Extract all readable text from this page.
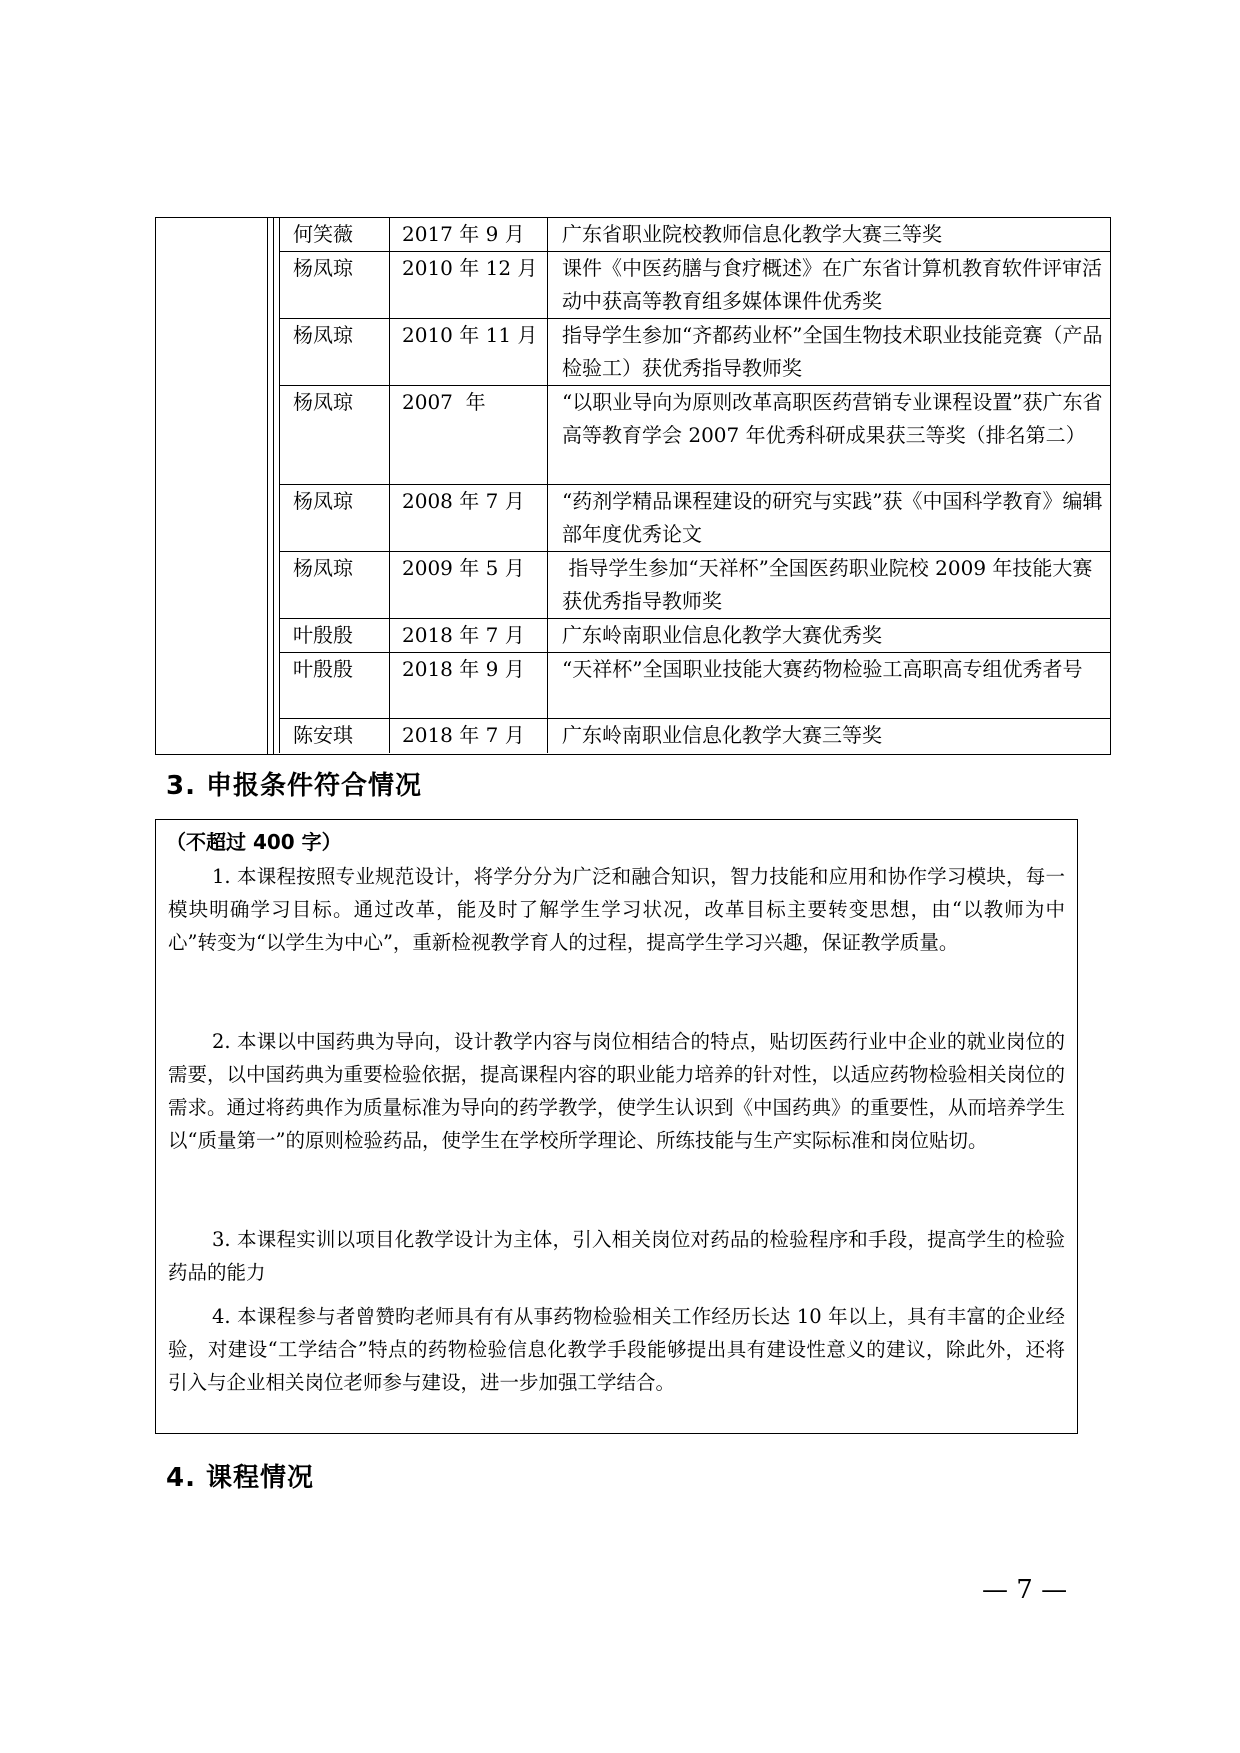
何笑薇	2017 年 9 月	广东省职业院校教师信息化教学大赛三等奖
杨凤琼	2010 年 12 月	课件《中医药膳与食疗概述》在广东省计算机教育软件评审活动中获高等教育组多媒体课件优秀奖
杨凤琼	2010 年 11 月	指导学生参加“齐都药业杯”全国生物技术职业技能竞赛（产品检验工）获优秀指导教师奖
杨凤琼	2007  年	“以职业导向为原则改革高职医药营销专业课程设置”获广东省高等教育学会 2007 年优秀科研成果获三等奖（排名第二）
杨凤琼	2008 年 7 月	“药剂学精品课程建设的研究与实践”获《中国科学教育》编辑部年度优秀论文
杨凤琼	2009 年 5 月	指导学生参加“天祥杯”全国医药职业院校 2009 年技能大赛获优秀指导教师奖
叶殷殷	2018 年 7 月	广东岭南职业信息化教学大赛优秀奖
叶殷殷	2018 年 9 月	“天祥杯”全国职业技能大赛药物检验工高职高专组优秀者号
陈安琪	2018 年 7 月	广东岭南职业信息化教学大赛三等奖
3. 申报条件符合情况
（不超过 400 字）

1. 本课程按照专业规范设计，将学分分为广泛和融合知识，智力技能和应用和协作学习模块，每一模块明确学习目标。通过改革，能及时了解学生学习状况，改革目标主要转变思想，由“以教师为中心”转变为“以学生为中心”，重新检视教学育人的过程，提高学生学习兴趣，保证教学质量。

2. 本课以中国药典为导向，设计教学内容与岗位相结合的特点，贴切医药行业中企业的就业岗位的需要，以中国药典为重要检验依据，提高课程内容的职业能力培养的针对性，以适应药物检验相关岗位的需求。通过将药典作为质量标准为导向的药学教学，使学生认识到《中国药典》的重要性，从而培养学生以“质量第一”的原则检验药品，使学生在学校所学理论、所练技能与生产实际标准和岗位贴切。

3. 本课程实训以项目化教学设计为主体，引入相关岗位对药品的检验程序和手段，提高学生的检验药品的能力

4. 本课程参与者曾赞昀老师具有有从事药物检验相关工作经历长达 10 年以上，具有丰富的企业经验，对建设“工学结合”特点的药物检验信息化教学手段能够提出具有建设性意义的建议，除此外，还将引入与企业相关岗位老师参与建设，进一步加强工学结合。

4. 课程情况
— 7 —
